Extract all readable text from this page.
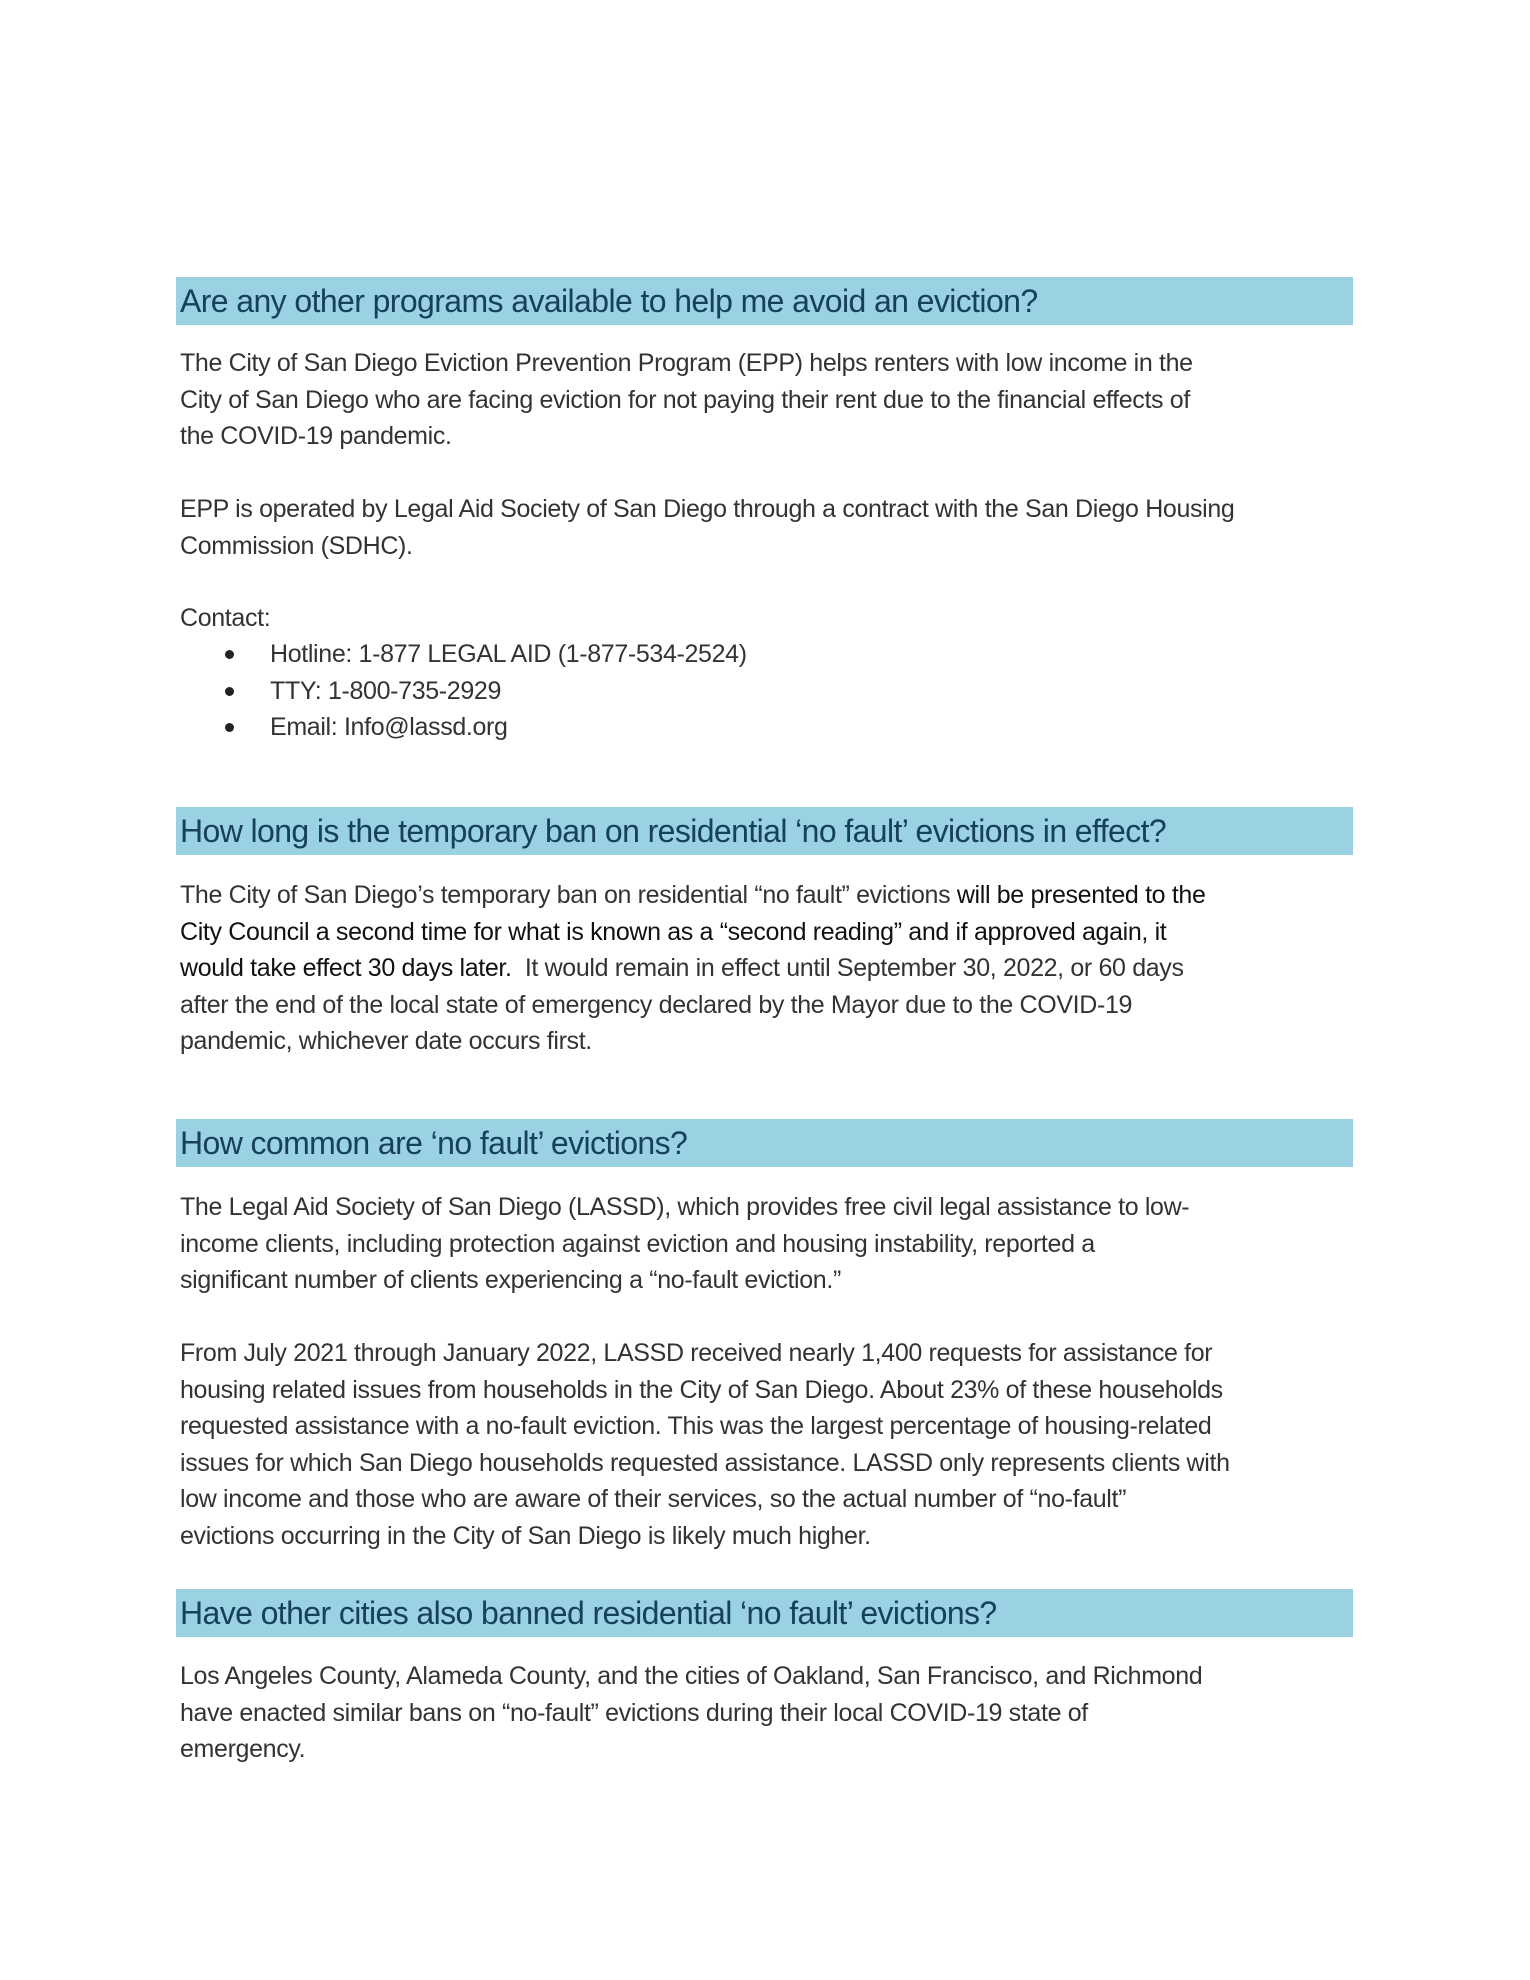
Are any other programs available to help me avoid an eviction?

The City of San Diego Eviction Prevention Program (EPP) helps renters with low income in the
City of San Diego who are facing eviction for not paying their rent due to the financial effects of
the COVID-19 pandemic.

EPP is operated by Legal Aid Society of San Diego through a contract with the San Diego Housing
Commission (SDHC).

Contact:

Hotline: 1-877 LEGAL AID (1-877-534-2524)
TTY: 1-800-735-2929
Email: Info@lassd.org
How long is the temporary ban on residential ‘no fault’ evictions in effect?

The City of San Diego’s temporary ban on residential “no fault” evictions will be presented to the
City Council a second time for what is known as a “second reading” and if approved again, it
would take effect 30 days later.  It would remain in effect until September 30, 2022, or 60 days
after the end of the local state of emergency declared by the Mayor due to the COVID-19
pandemic, whichever date occurs first.

How common are ‘no fault’ evictions?

The Legal Aid Society of San Diego (LASSD), which provides free civil legal assistance to low-
income clients, including protection against eviction and housing instability, reported a
significant number of clients experiencing a “no-fault eviction.”

From July 2021 through January 2022, LASSD received nearly 1,400 requests for assistance for
housing related issues from households in the City of San Diego. About 23% of these households
requested assistance with a no-fault eviction. This was the largest percentage of housing-related
issues for which San Diego households requested assistance. LASSD only represents clients with
low income and those who are aware of their services, so the actual number of “no-fault”
evictions occurring in the City of San Diego is likely much higher.

Have other cities also banned residential ‘no fault’ evictions?

Los Angeles County, Alameda County, and the cities of Oakland, San Francisco, and Richmond
have enacted similar bans on “no-fault” evictions during their local COVID-19 state of
emergency.
